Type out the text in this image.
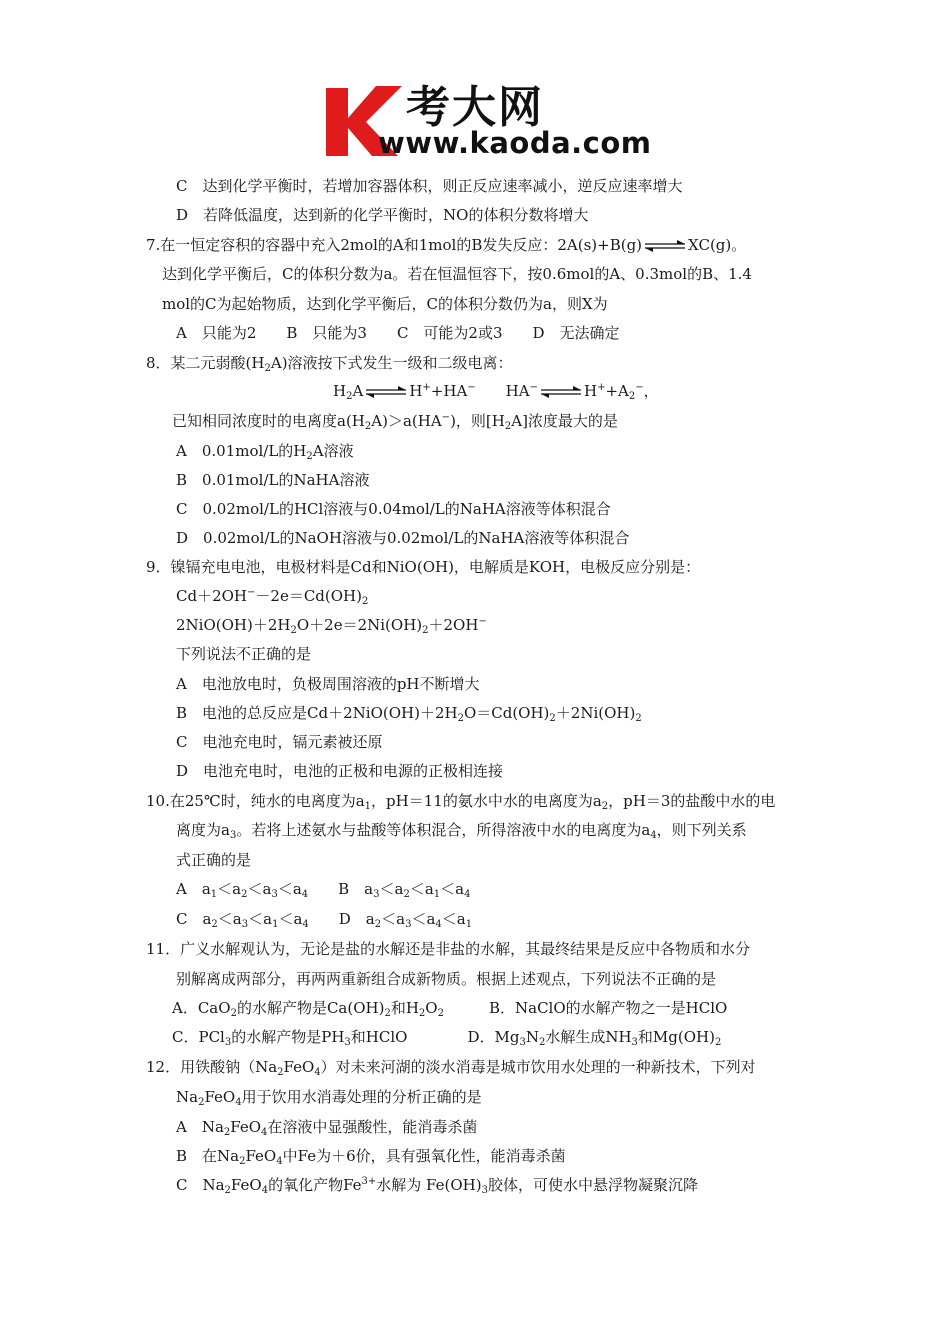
考大网
www.kaoda.com
C　达到化学平衡时，若增加容器体积，则正反应速率减小，逆反应速率增大
D　若降低温度，达到新的化学平衡时，NO的体积分数将增大
7.在一恒定容积的容器中充入2mol的A和1mol的B发失反应：2A(s)+B(g)⇌XC(g)。
达到化学平衡后，C的体积分数为a。若在恒温恒容下，按0.6mol的A、0.3mol的B、1.4
mol的C为起始物质，达到化学平衡后，C的体积分数仍为a，则X为
A　只能为2　　B　只能为3　　C　可能为2或3　　D　无法确定
8．某二元弱酸$(H_2A)$溶液按下式发生一级和二级电离：
$H_2A\rightleftharpoons H^++HA^-$　　$HA^-\rightleftharpoons H^++A_2^-$，
已知相同浓度时的电离度$a(H_2A)>a(HA^-)$，则$[H_2A]$浓度最大的是
A　0.01mol/L的$H_2A$溶液
B　0.01mol/L的NaHA溶液
C　0.02mol/L的HCl溶液与0.04mol/L的NaHA溶液等体积混合
D　0.02mol/L的NaOH溶液与0.02mol/L的NaHA溶液等体积混合
9．镍镉充电电池，电极材料是Cd和NiO(OH)，电解质是KOH，电极反应分别是：
$Cd+2OH^--2e=Cd(OH)_2$
$2NiO(OH)+2H_2O+2e=2Ni(OH)_2+2OH^-$
下列说法不正确的是
A　电池放电时，负极周围溶液的pH不断增大
B　电池的总反应是$Cd+2NiO(OH)+2H_2O=Cd(OH)_2+2Ni(OH)_2$
C　电池充电时，镉元素被还原
D　电池充电时，电池的正极和电源的正极相连接
10.在25℃时，纯水的电离度为$a_1$，pH＝11的氨水中水的电离度为$a_2$，pH＝3的盐酸中水的电
离度为$a_3$。若将上述氨水与盐酸等体积混合，所得溶液中水的电离度为$a_4$，则下列关系
式正确的是
A　$a_1<a_2<a_3<a_4$　　B　$a_3<a_2<a_1<a_4$
C　$a_2<a_3<a_1<a_4$　　D　$a_2<a_3<a_4<a_1$
11．广义水解观认为，无论是盐的水解还是非盐的水解，其最终结果是反应中各物质和水分
别解离成两部分，再两两重新组合成新物质。根据上述观点，下列说法不正确的是
A．CaO$_2$的水解产物是$Ca(OH)_2$和$H_2O_2$　　　B．NaClO的水解产物之一是HClO
C．PCl$_3$的水解产物是$PH_3$和HClO　　　　D．$Mg_3N_2$水解生成$NH_3$和$Mg(OH)_2$
12．用铁酸钠$(Na_2FeO_4)$对未来河湖的淡水消毒是城市饮用水处理的一种新技术，下列对
$Na_2FeO_4$用于饮用水消毒处理的分析正确的是
A　$Na_2FeO_4$在溶液中显强酸性，能消毒杀菌
B　在$Na_2FeO_4$中Fe为＋6价，具有强氧化性，能消毒杀菌
C　$Na_2FeO_4$的氧化产物$Fe^{3+}$水解为 $Fe(OH)_3$胶体，可使水中悬浮物凝聚沉降
